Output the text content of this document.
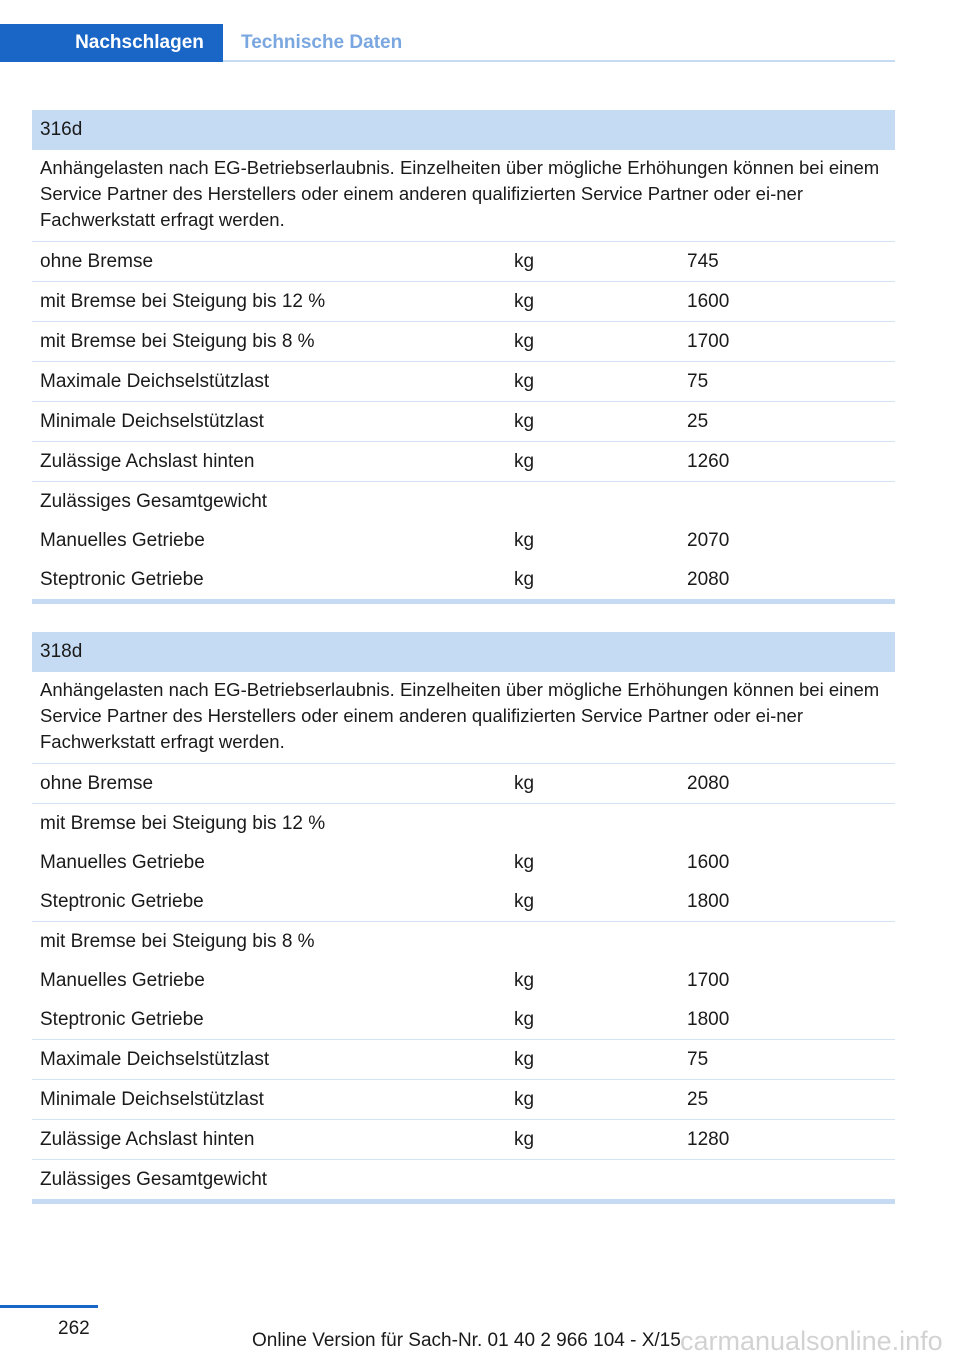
Nachschlagen Technische Daten
316d
Anhängelasten nach EG-Betriebserlaubnis. Einzelheiten über mögliche Erhöhungen können bei einem Service Partner des Herstellers oder einem anderen qualifizierten Service Partner oder ei-ner Fachwerkstatt erfragt werden.
ohne Bremse	kg	745
mit Bremse bei Steigung bis 12 %	kg	1600
mit Bremse bei Steigung bis 8 %	kg	1700
Maximale Deichselstützlast	kg	75
Minimale Deichselstützlast	kg	25
Zulässige Achslast hinten	kg	1260
Zulässiges Gesamtgewicht
Manuelles Getriebe	kg	2070
Steptronic Getriebe	kg	2080
318d
Anhängelasten nach EG-Betriebserlaubnis. Einzelheiten über mögliche Erhöhungen können bei einem Service Partner des Herstellers oder einem anderen qualifizierten Service Partner oder ei-ner Fachwerkstatt erfragt werden.
ohne Bremse	kg	2080
mit Bremse bei Steigung bis 12 %
Manuelles Getriebe	kg	1600
Steptronic Getriebe	kg	1800
mit Bremse bei Steigung bis 8 %
Manuelles Getriebe	kg	1700
Steptronic Getriebe	kg	1800
Maximale Deichselstützlast	kg	75
Minimale Deichselstützlast	kg	25
Zulässige Achslast hinten	kg	1280
Zulässiges Gesamtgewicht
262
Online Version für Sach-Nr. 01 40 2 966 104 - X/15 carmanualsonline.info
